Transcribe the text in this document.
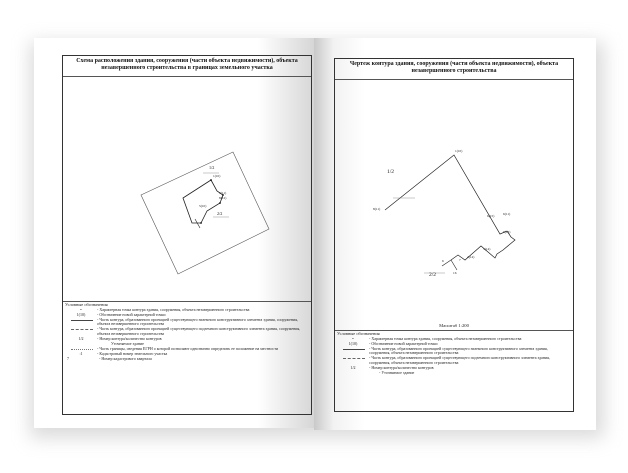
Схема расположения здания, сооружения (части объекта недвижимости), объекта незавершенного строительства в границах земельного участка
1/2
2/2
1(10)
9(11)
8(12)
5(10)
Условные обозначения
•	- Характерная точка контура здания, сооружения, объекта незавершенного строительства
1(10)	- Обозначение новой характерной точки
- Часть контура, образованного проекцией существующего наземного конструктивного элемента здания, сооружения, объекта незавершенного строительства
- Часть контура, образованного проекцией существующего подземного конструктивного элемента здания, сооружения, объекта незавершенного строительства
1/2	- Номер контура/количество контуров
Уточняемое здание
- Часть границы, сведения ЕГРН о которой позволяют однозначно определить ее положение на местности
:1	- Кадастровый номер земельного участка
7	- Номер кадастрового квартала
Чертеж контура здания, сооружения (части объекта недвижимости), объекта незавершенного строительства
1/2
2/2
1(10)
8(11)
9(13)
6(15)	6(11)
5(14)
4(14)
7
6
16
Масштаб 1:200
Условные обозначения
•	- Характерная точка контура здания, сооружения, объекта незавершенного строительства
1(10)	- Обозначение новой характерной точки
- Часть контура, образованного проекцией существующего наземного конструктивного элемента здания, сооружения, объекта незавершенного строительства
- Часть контура, образованного проекцией существующего подземного конструктивного элемента здания, сооружения, объекта незавершенного строительства
1/2	- Номер контура/количество контуров
- Уточняемое здание
